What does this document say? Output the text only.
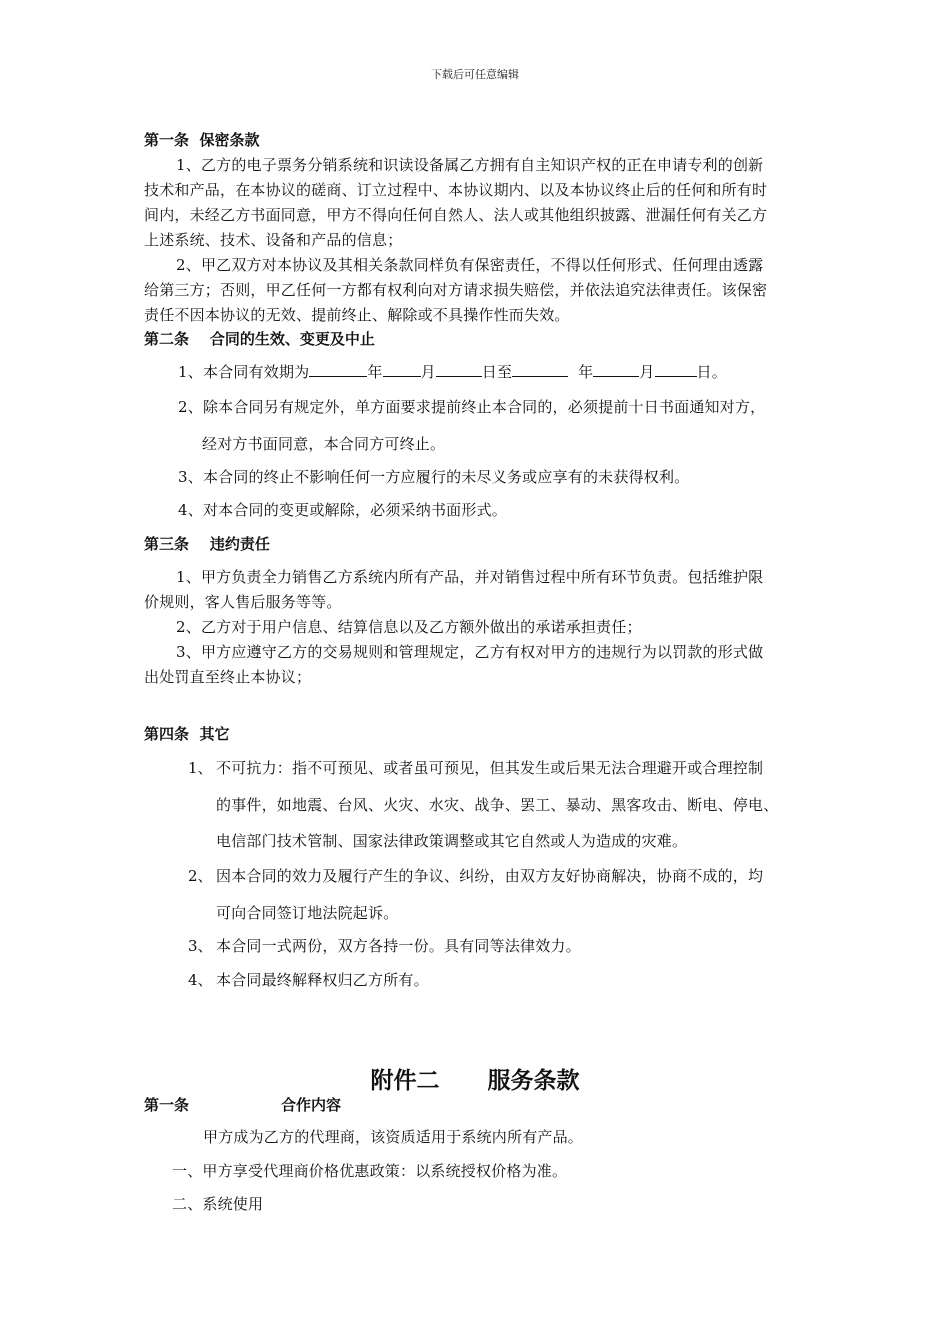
下载后可任意编辑
第一条  保密条款
1、乙方的电子票务分销系统和识读设备属乙方拥有自主知识产权的正在申请专利的创新
技术和产品，在本协议的磋商、订立过程中、本协议期内、以及本协议终止后的任何和所有时
间内，未经乙方书面同意，甲方不得向任何自然人、法人或其他组织披露、泄漏任何有关乙方
上述系统、技术、设备和产品的信息；
2、甲乙双方对本协议及其相关条款同样负有保密责任，不得以任何形式、任何理由透露
给第三方；否则，甲乙任何一方都有权利向对方请求损失赔偿，并依法追究法律责任。该保密
责任不因本协议的无效、提前终止、解除或不具操作性而失效。
第二条    合同的生效、变更及中止
1、本合同有效期为	年	月	日至	年	月	日。
2、除本合同另有规定外，单方面要求提前终止本合同的，必须提前十日书面通知对方，
经对方书面同意，本合同方可终止。
3、本合同的终止不影响任何一方应履行的未尽义务或应享有的未获得权利。
4、对本合同的变更或解除，必须采纳书面形式。
第三条    违约责任
1、甲方负责全力销售乙方系统内所有产品，并对销售过程中所有环节负责。包括维护限
价规则，客人售后服务等等。
2、乙方对于用户信息、结算信息以及乙方额外做出的承诺承担责任；
3、甲方应遵守乙方的交易规则和管理规定，乙方有权对甲方的违规行为以罚款的形式做
出处罚直至终止本协议；
第四条  其它
1、 不可抗力：指不可预见、或者虽可预见，但其发生或后果无法合理避开或合理控制
的事件，如地震、台风、火灾、水灾、战争、罢工、暴动、黑客攻击、断电、停电、
电信部门技术管制、国家法律政策调整或其它自然或人为造成的灾难。
2、 因本合同的效力及履行产生的争议、纠纷，由双方友好协商解决，协商不成的，均
可向合同签订地法院起诉。
3、 本合同一式两份，双方各持一份。具有同等法律效力。
4、 本合同最终解释权归乙方所有。
附件二      服务条款
第一条	合作内容
甲方成为乙方的代理商，该资质适用于系统内所有产品。
一、甲方享受代理商价格优惠政策：以系统授权价格为准。
二、系统使用
